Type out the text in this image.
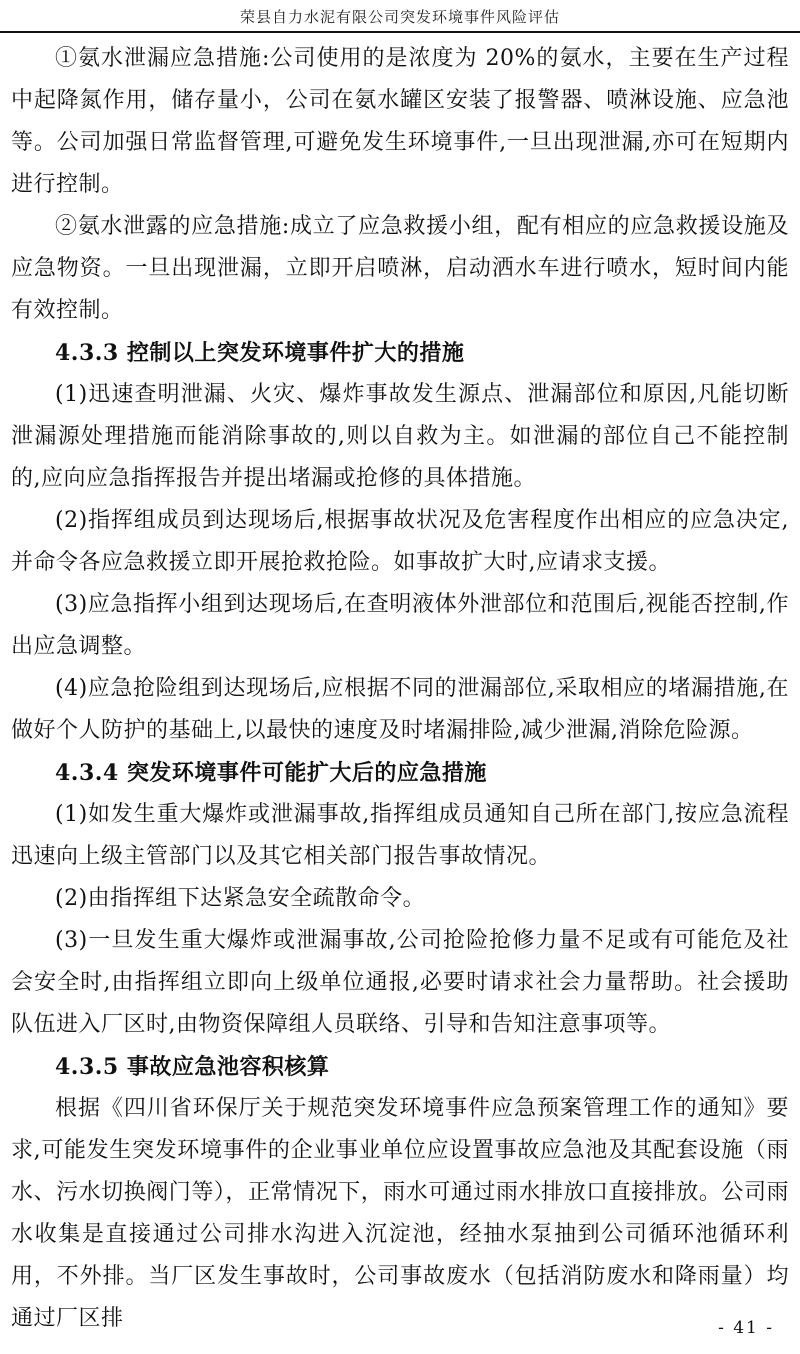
荣县自力水泥有限公司突发环境事件风险评估

①氨水泄漏应急措施:公司使用的是浓度为 20%的氨水，主要在生产过程中起降氮作用，储存量小，公司在氨水罐区安装了报警器、喷淋设施、应急池等。公司加强日常监督管理,可避免发生环境事件,一旦出现泄漏,亦可在短期内进行控制。

②氨水泄露的应急措施:成立了应急救援小组，配有相应的应急救援设施及应急物资。一旦出现泄漏，立即开启喷淋，启动洒水车进行喷水，短时间内能有效控制。

4.3.3 控制以上突发环境事件扩大的措施

(1)迅速查明泄漏、火灾、爆炸事故发生源点、泄漏部位和原因,凡能切断泄漏源处理措施而能消除事故的,则以自救为主。如泄漏的部位自己不能控制的,应向应急指挥报告并提出堵漏或抢修的具体措施。

(2)指挥组成员到达现场后,根据事故状况及危害程度作出相应的应急决定,并命令各应急救援立即开展抢救抢险。如事故扩大时,应请求支援。

(3)应急指挥小组到达现场后,在查明液体外泄部位和范围后,视能否控制,作出应急调整。

(4)应急抢险组到达现场后,应根据不同的泄漏部位,采取相应的堵漏措施,在做好个人防护的基础上,以最快的速度及时堵漏排险,减少泄漏,消除危险源。

4.3.4 突发环境事件可能扩大后的应急措施

(1)如发生重大爆炸或泄漏事故,指挥组成员通知自己所在部门,按应急流程迅速向上级主管部门以及其它相关部门报告事故情况。

(2)由指挥组下达紧急安全疏散命令。

(3)一旦发生重大爆炸或泄漏事故,公司抢险抢修力量不足或有可能危及社会安全时,由指挥组立即向上级单位通报,必要时请求社会力量帮助。社会援助队伍进入厂区时,由物资保障组人员联络、引导和告知注意事项等。

4.3.5 事故应急池容积核算

根据《四川省环保厅关于规范突发环境事件应急预案管理工作的通知》要求,可能发生突发环境事件的企业事业单位应设置事故应急池及其配套设施（雨水、污水切换阀门等），正常情况下，雨水可通过雨水排放口直接排放。公司雨水收集是直接通过公司排水沟进入沉淀池，经抽水泵抽到公司循环池循环利用，不外排。当厂区发生事故时，公司事故废水（包括消防废水和降雨量）均通过厂区排	- 41 -
